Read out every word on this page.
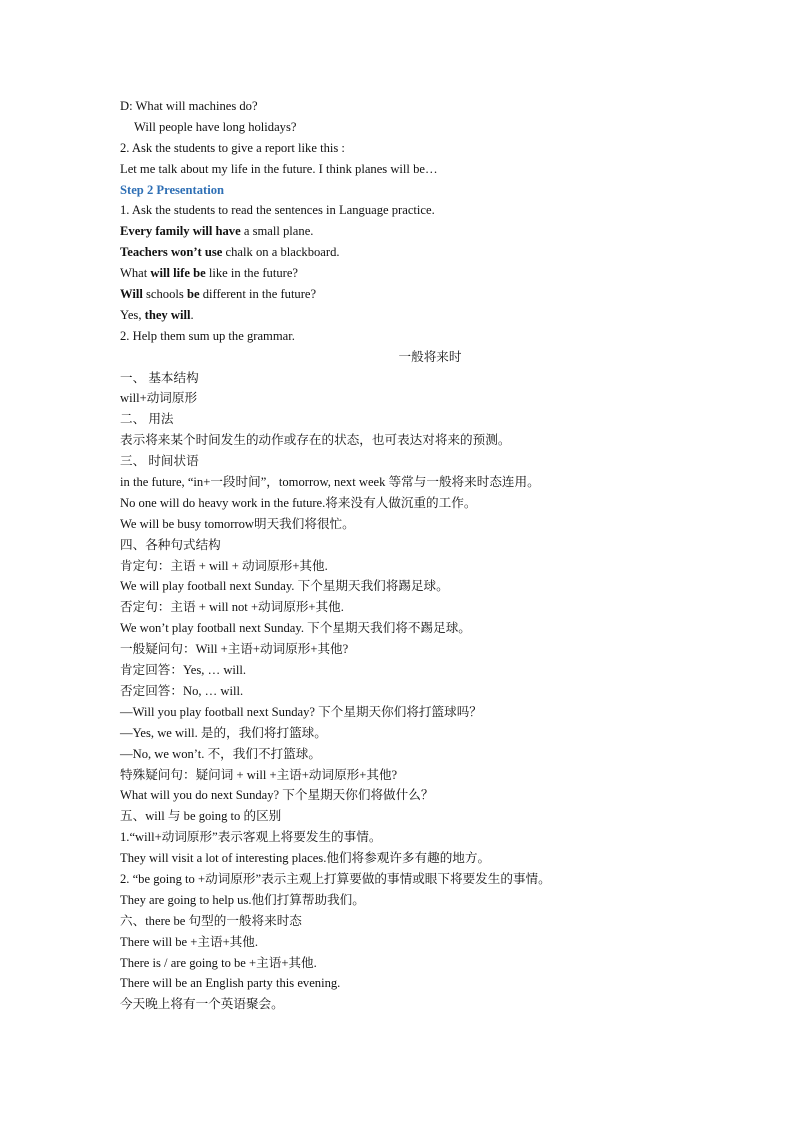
D: What will machines do?
Will people have long holidays?
2. Ask the students to give a report like this :
Let me talk about my life in the future. I think planes will be…
Step 2 Presentation
1. Ask the students to read the sentences in Language practice.
Every family will have a small plane.
Teachers won’t use chalk on a blackboard.
What will life be like in the future?
Will schools be different in the future?
Yes, they will.
2. Help them sum up the grammar.
一般将来时
一、 基本结构
will+动词原形
二、 用法
表示将来某个时间发生的动作或存在的状态，也可表达对将来的预测。
三、 时间状语
in the future, “in+一段时间”，tomorrow, next week 等常与一般将来时态连用。
No one will do heavy work in the future.将来没有人做沉重的工作。
We will be busy tomorrow明天我们将很忙。
四、各种句式结构
肯定句：主语 + will + 动词原形+其他.
We will play football next Sunday. 下个星期天我们将踢足球。
否定句：主语 + will not +动词原形+其他.
We won’t play football next Sunday. 下个星期天我们将不踢足球。
一般疑问句：Will +主语+动词原形+其他?
肯定回答：Yes, … will.
否定回答：No, … will.
—Will you play football next Sunday? 下个星期天你们将打篮球吗？
—Yes, we will. 是的，我们将打篮球。
—No, we won’t. 不，我们不打篮球。
特殊疑问句：疑问词 + will +主语+动词原形+其他?
What will you do next Sunday? 下个星期天你们将做什么？
五、will 与 be going to 的区别
1.“will+动词原形”表示客观上将要发生的事情。
They will visit a lot of interesting places.他们将参观许多有趣的地方。
2. “be going to +动词原形”表示主观上打算要做的事情或眼下将要发生的事情。
They are going to help us.他们打算帮助我们。
六、there be 句型的一般将来时态
There will be +主语+其他.
There is / are going to be +主语+其他.
There will be an English party this evening.
今天晚上将有一个英语聚会。
